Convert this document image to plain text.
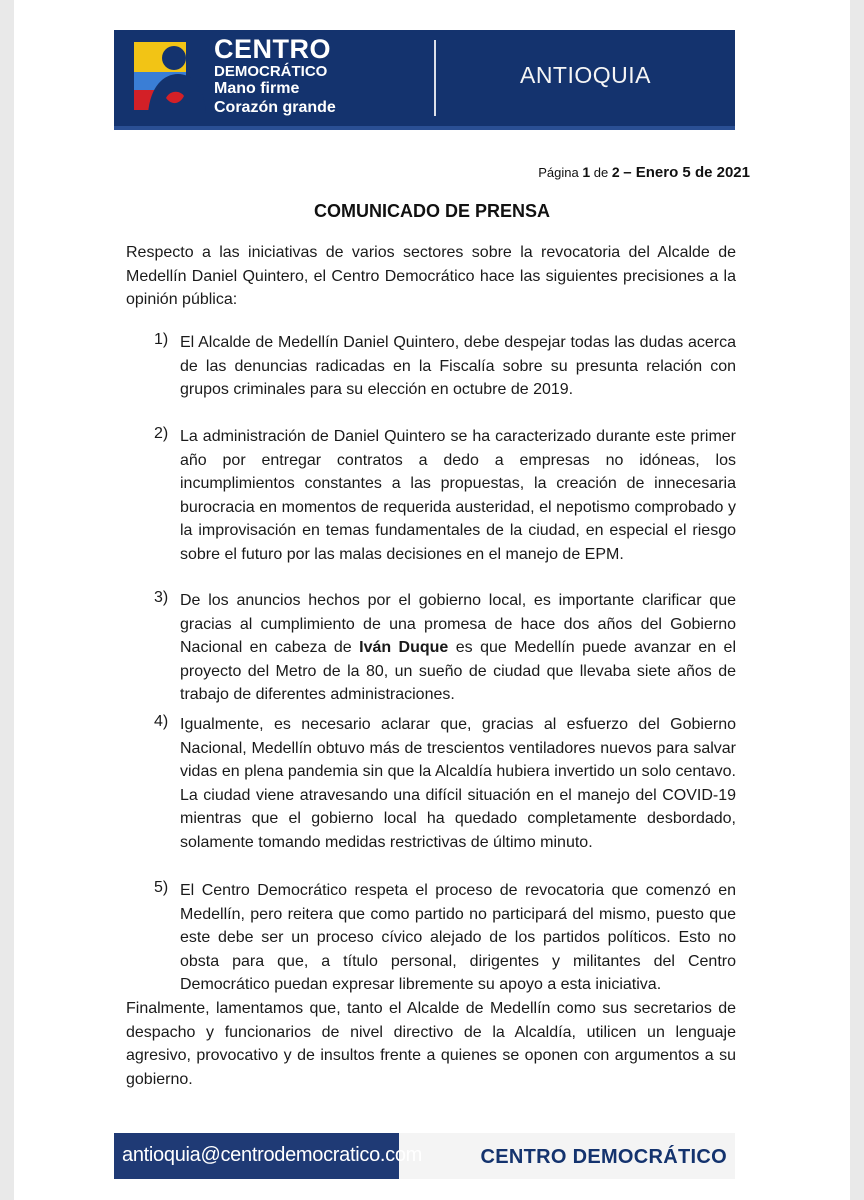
CENTRO
DEMOCRÁTICO
Mano firme
Corazón grande
ANTIOQUIA
Página 1 de 2 – Enero 5 de 2021
COMUNICADO DE PRENSA
Respecto a las iniciativas de varios sectores sobre la revocatoria del Alcalde de Medellín Daniel Quintero, el Centro Democrático hace las siguientes precisiones a la opinión pública:
1) El Alcalde de Medellín Daniel Quintero, debe despejar todas las dudas acerca de las denuncias radicadas en la Fiscalía sobre su presunta relación con grupos criminales para su elección en octubre de 2019.
2) La administración de Daniel Quintero se ha caracterizado durante este primer año por entregar contratos a dedo a empresas no idóneas, los incumplimientos constantes a las propuestas, la creación de innecesaria burocracia en momentos de requerida austeridad, el nepotismo comprobado y la improvisación en temas fundamentales de la ciudad, en especial el riesgo sobre el futuro por las malas decisiones en el manejo de EPM.
3) De los anuncios hechos por el gobierno local, es importante clarificar que gracias al cumplimiento de una promesa de hace dos años del Gobierno Nacional en cabeza de Iván Duque es que Medellín puede avanzar en el proyecto del Metro de la 80, un sueño de ciudad que llevaba siete años de trabajo de diferentes administraciones.
4) Igualmente, es necesario aclarar que, gracias al esfuerzo del Gobierno Nacional, Medellín obtuvo más de trescientos ventiladores nuevos para salvar vidas en plena pandemia sin que la Alcaldía hubiera invertido un solo centavo. La ciudad viene atravesando una difícil situación en el manejo del COVID-19 mientras que el gobierno local ha quedado completamente desbordado, solamente tomando medidas restrictivas de último minuto.
5) El Centro Democrático respeta el proceso de revocatoria que comenzó en Medellín, pero reitera que como partido no participará del mismo, puesto que este debe ser un proceso cívico alejado de los partidos políticos. Esto no obsta para que, a título personal, dirigentes y militantes del Centro Democrático puedan expresar libremente su apoyo a esta iniciativa.
Finalmente, lamentamos que, tanto el Alcalde de Medellín como sus secretarios de despacho y funcionarios de nivel directivo de la Alcaldía, utilicen un lenguaje agresivo, provocativo y de insultos frente a quienes se oponen con argumentos a su gobierno.
antioquia@centrodemocratico.com	CENTRO DEMOCRÁTICO
